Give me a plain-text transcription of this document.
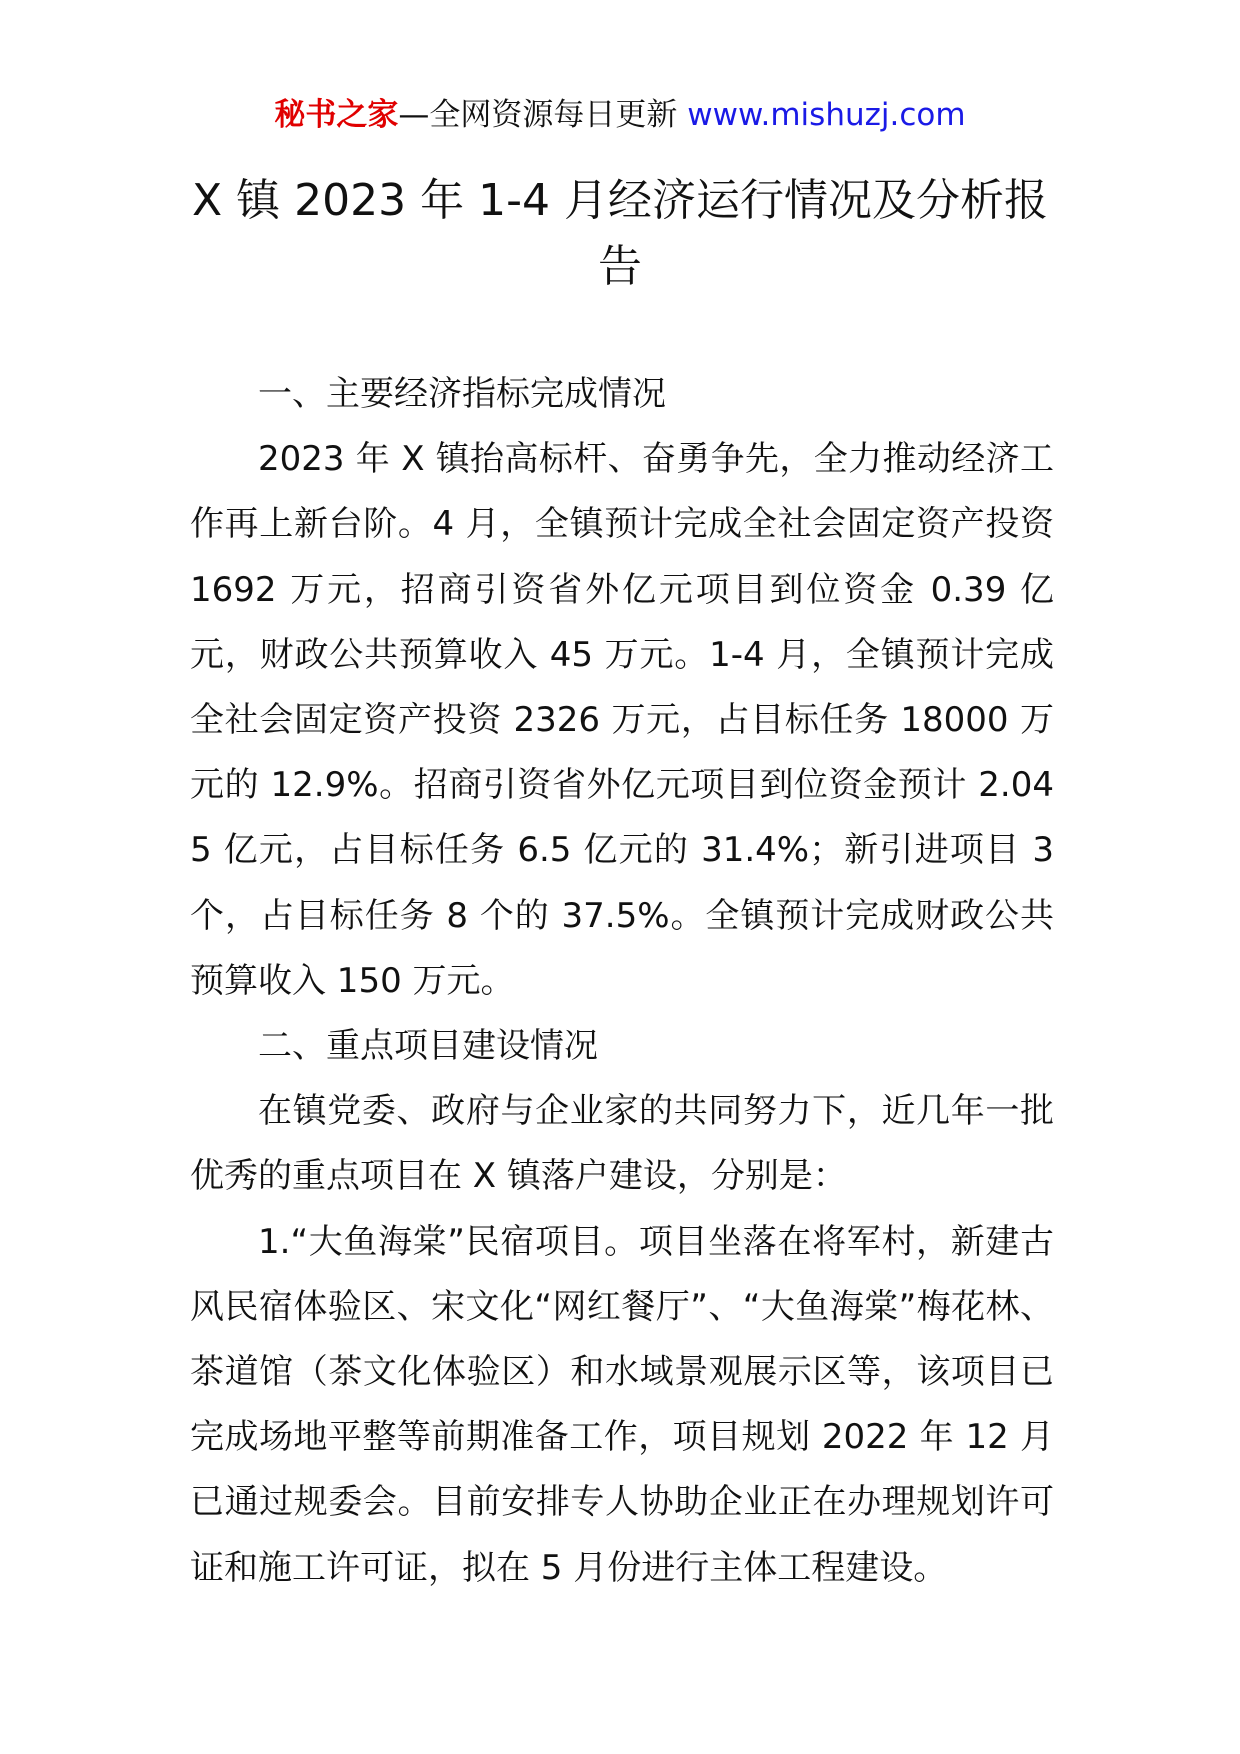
秘书之家—全网资源每日更新 www.mishuzj.com
X 镇 2023 年 1-4 月经济运行情况及分析报告

一、主要经济指标完成情况

2023 年 X 镇抬高标杆、奋勇争先，全力推动经济工作再上新台阶。4 月，全镇预计完成全社会固定资产投资 1692 万元，招商引资省外亿元项目到位资金 0.39 亿元，财政公共预算收入 45 万元。1-4 月，全镇预计完成全社会固定资产投资 2326 万元，占目标任务 18000 万元的 12.9%。招商引资省外亿元项目到位资金预计 2.045 亿元，占目标任务 6.5 亿元的 31.4%；新引进项目 3 个，占目标任务 8 个的 37.5%。全镇预计完成财政公共预算收入 150 万元。

二、重点项目建设情况

在镇党委、政府与企业家的共同努力下，近几年一批优秀的重点项目在 X 镇落户建设，分别是：

1.“大鱼海棠”民宿项目。项目坐落在将军村，新建古风民宿体验区、宋文化“网红餐厅”、“大鱼海棠”梅花林、茶道馆（茶文化体验区）和水域景观展示区等，该项目已完成场地平整等前期准备工作，项目规划 2022 年 12 月已通过规委会。目前安排专人协助企业正在办理规划许可证和施工许可证，拟在 5 月份进行主体工程建设。
